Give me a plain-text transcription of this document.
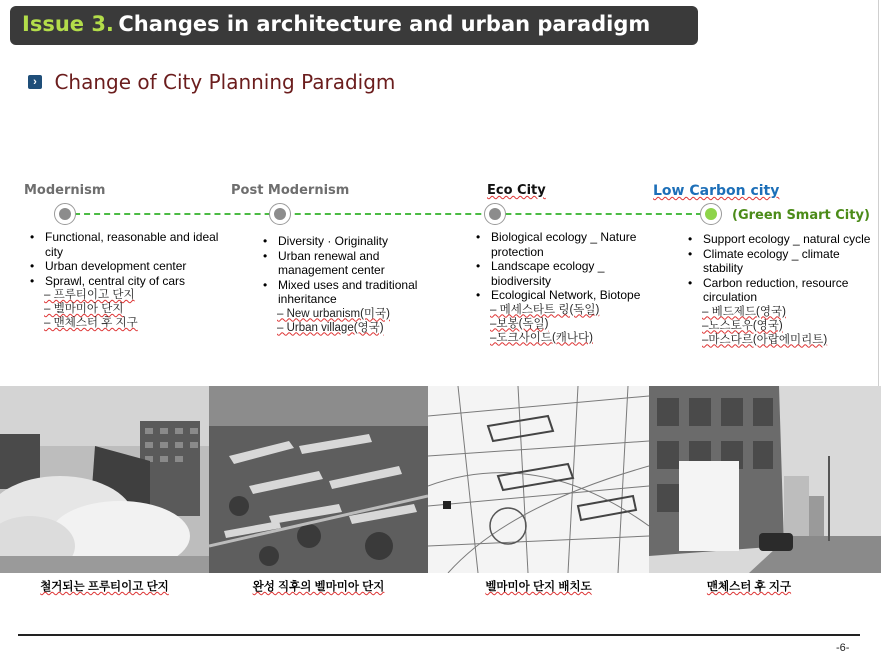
Issue 3. Changes in architecture and urban paradigm
› Change of City Planning Paradigm
Modernism	Post Modernism	Eco City	Low Carbon city
(Green Smart City)
• Functional, reasonable and ideal city
• Urban development center
• Sprawl, central city of cars
– 프루티이고 단지
– 벨마미아 단지
– 맨체스터 후 지구
• Diversity · Originality
• Urban renewal and management center
• Mixed uses and traditional inheritance
– New urbanism(미국)
– Urban village(영국)
• Biological ecology _ Nature protection
• Landscape ecology _ biodiversity
• Ecological Network, Biotope
– 메세스타트 링(독일)
–보봉(독일)
–도크사이드(캐나다)
• Support ecology _ natural cycle
• Climate ecology _ climate stability
• Carbon reduction, resource circulation
– 베드제드(영국)
–노스토우(영국)
–마스다르(아랍에미리트)
철거되는 프루티이고 단지	완성 직후의 벨마미아 단지	벨마미아 단지 배치도	맨체스터 후 지구
-6-
